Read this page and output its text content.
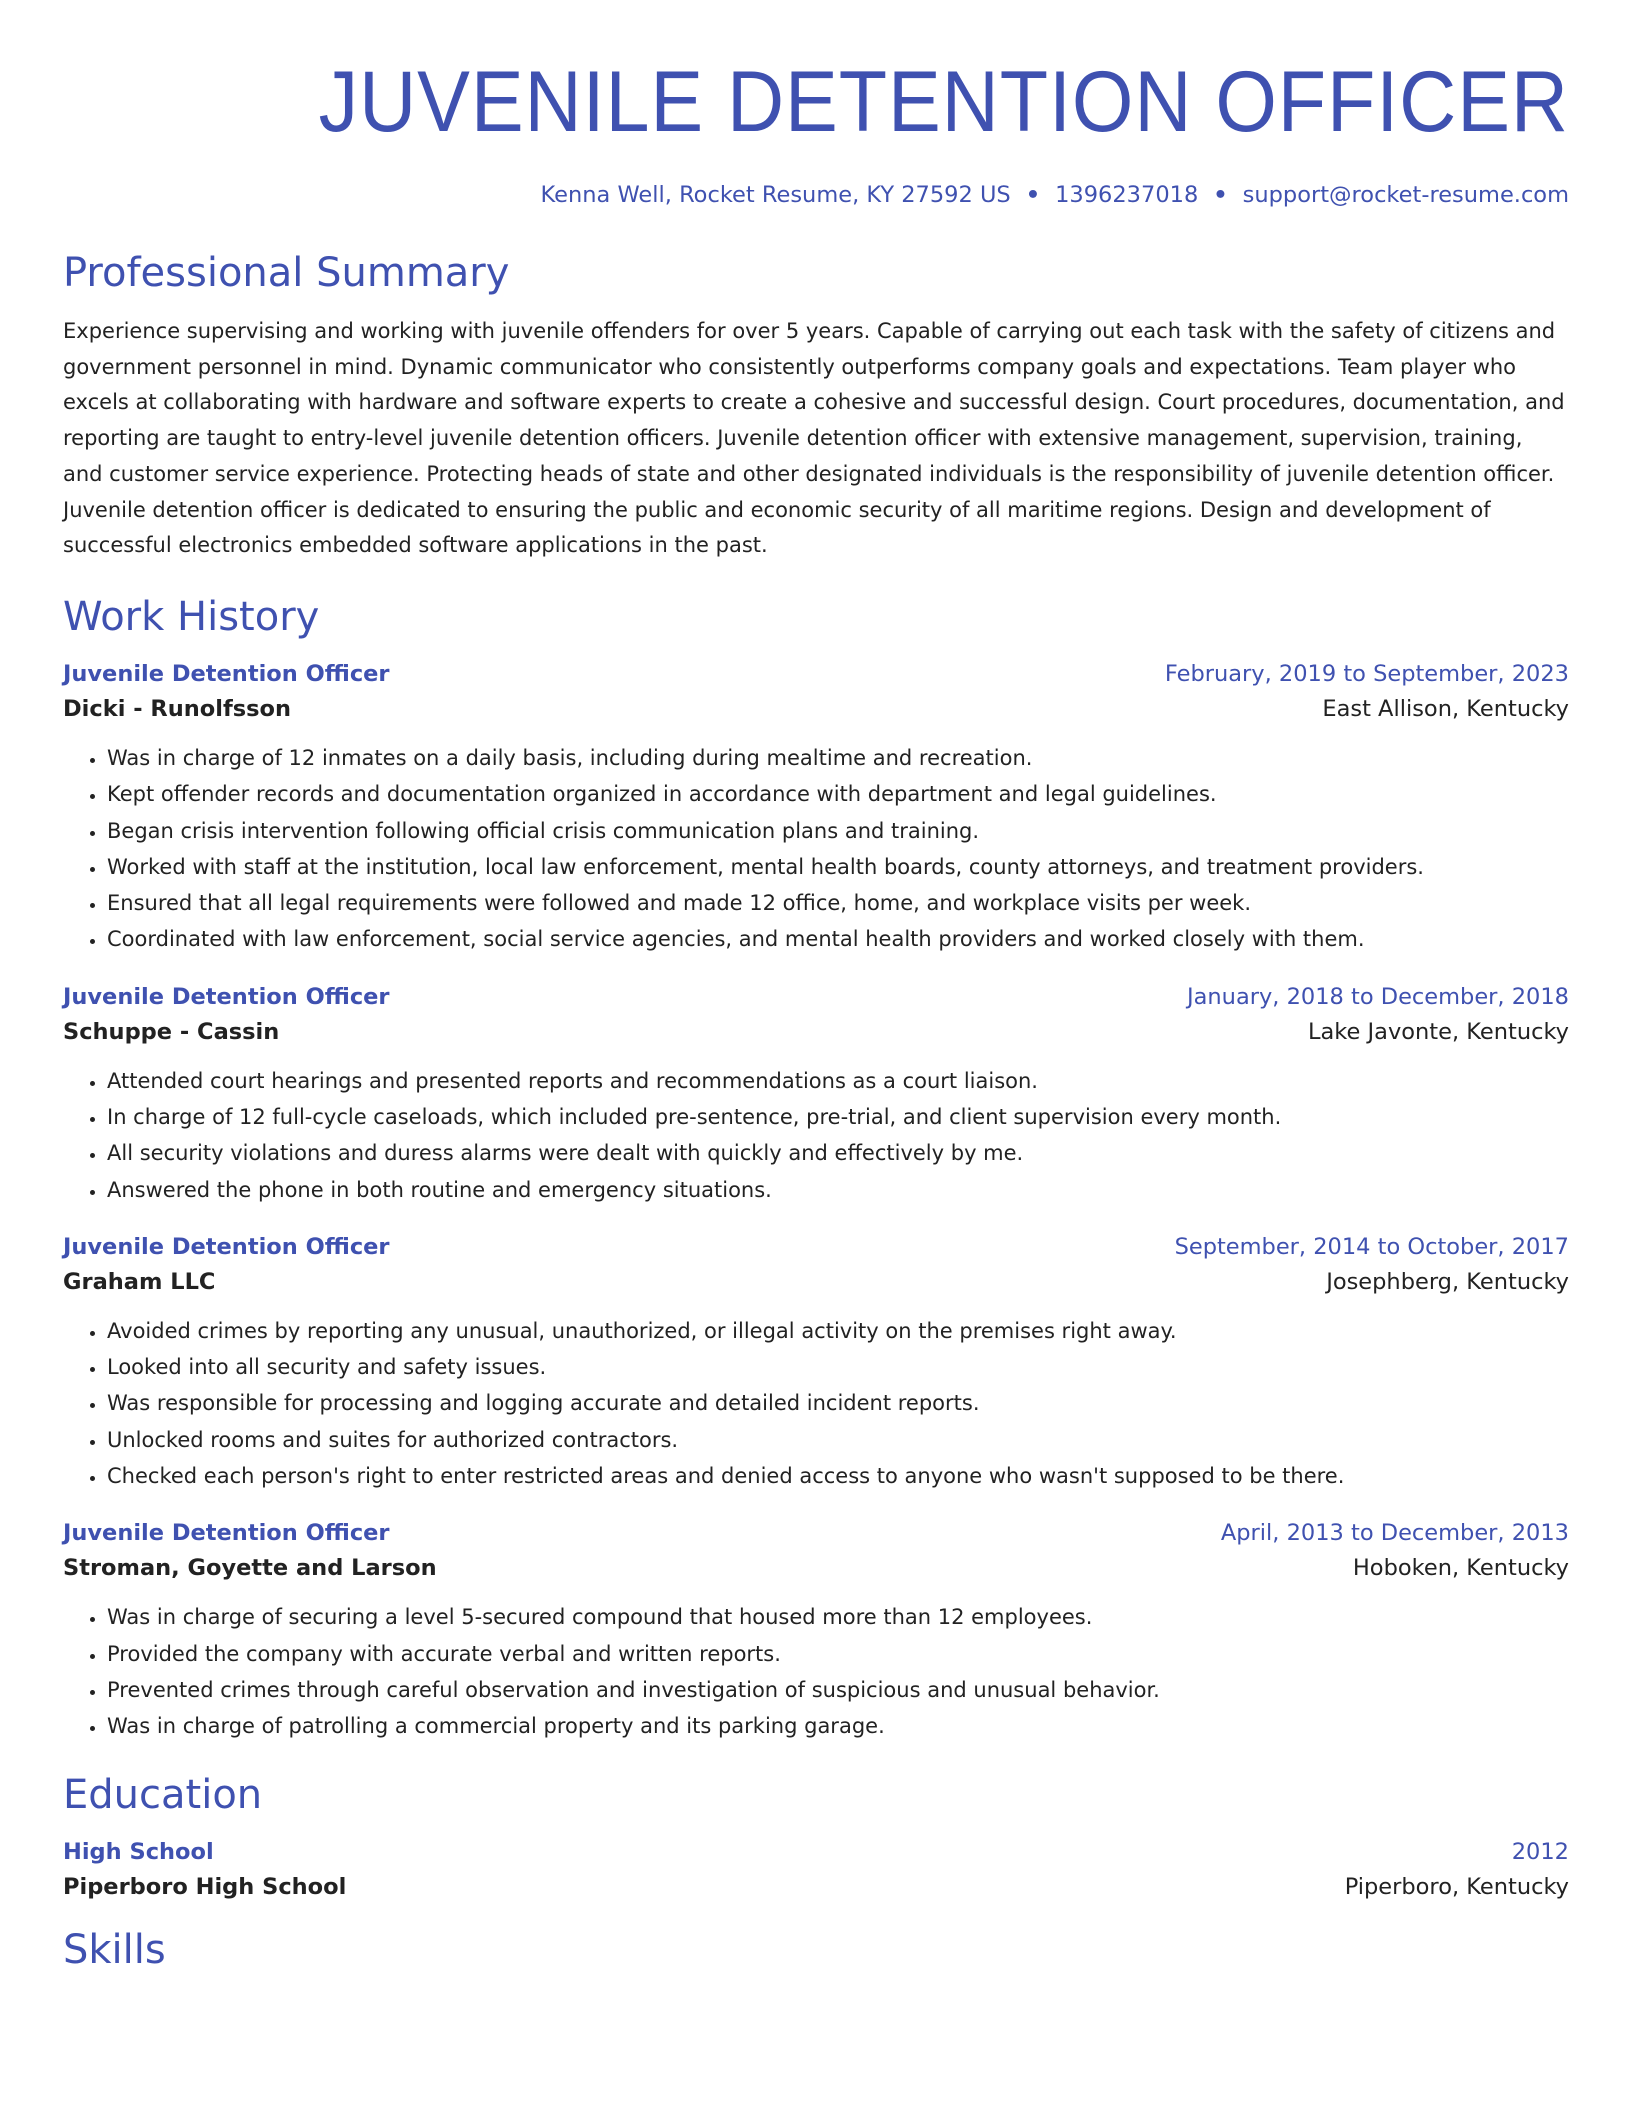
JUVENILE DETENTION OFFICER
Kenna Well, Rocket Resume, KY 27592 US • 1396237018 • support@rocket-resume.com
Professional Summary

Experience supervising and working with juvenile offenders for over 5 years. Capable of carrying out each task with the safety of citizens and
government personnel in mind. Dynamic communicator who consistently outperforms company goals and expectations. Team player who
excels at collaborating with hardware and software experts to create a cohesive and successful design. Court procedures, documentation, and
reporting are taught to entry-level juvenile detention officers. Juvenile detention officer with extensive management, supervision, training,
and customer service experience. Protecting heads of state and other designated individuals is the responsibility of juvenile detention officer.
Juvenile detention officer is dedicated to ensuring the public and economic security of all maritime regions. Design and development of
successful electronics embedded software applications in the past.

Work History
Juvenile Detention Officer	February, 2019 to September, 2023
Dicki - Runolfsson	East Allison, Kentucky
• Was in charge of 12 inmates on a daily basis, including during mealtime and recreation.
• Kept offender records and documentation organized in accordance with department and legal guidelines.
• Began crisis intervention following official crisis communication plans and training.
• Worked with staff at the institution, local law enforcement, mental health boards, county attorneys, and treatment providers.
• Ensured that all legal requirements were followed and made 12 office, home, and workplace visits per week.
• Coordinated with law enforcement, social service agencies, and mental health providers and worked closely with them.
Juvenile Detention Officer	January, 2018 to December, 2018
Schuppe - Cassin	Lake Javonte, Kentucky
• Attended court hearings and presented reports and recommendations as a court liaison.
• In charge of 12 full-cycle caseloads, which included pre-sentence, pre-trial, and client supervision every month.
• All security violations and duress alarms were dealt with quickly and effectively by me.
• Answered the phone in both routine and emergency situations.
Juvenile Detention Officer	September, 2014 to October, 2017
Graham LLC	Josephberg, Kentucky
• Avoided crimes by reporting any unusual, unauthorized, or illegal activity on the premises right away.
• Looked into all security and safety issues.
• Was responsible for processing and logging accurate and detailed incident reports.
• Unlocked rooms and suites for authorized contractors.
• Checked each person's right to enter restricted areas and denied access to anyone who wasn't supposed to be there.
Juvenile Detention Officer	April, 2013 to December, 2013
Stroman, Goyette and Larson	Hoboken, Kentucky
• Was in charge of securing a level 5-secured compound that housed more than 12 employees.
• Provided the company with accurate verbal and written reports.
• Prevented crimes through careful observation and investigation of suspicious and unusual behavior.
• Was in charge of patrolling a commercial property and its parking garage.
Education
High School	2012
Piperboro High School	Piperboro, Kentucky
Skills
